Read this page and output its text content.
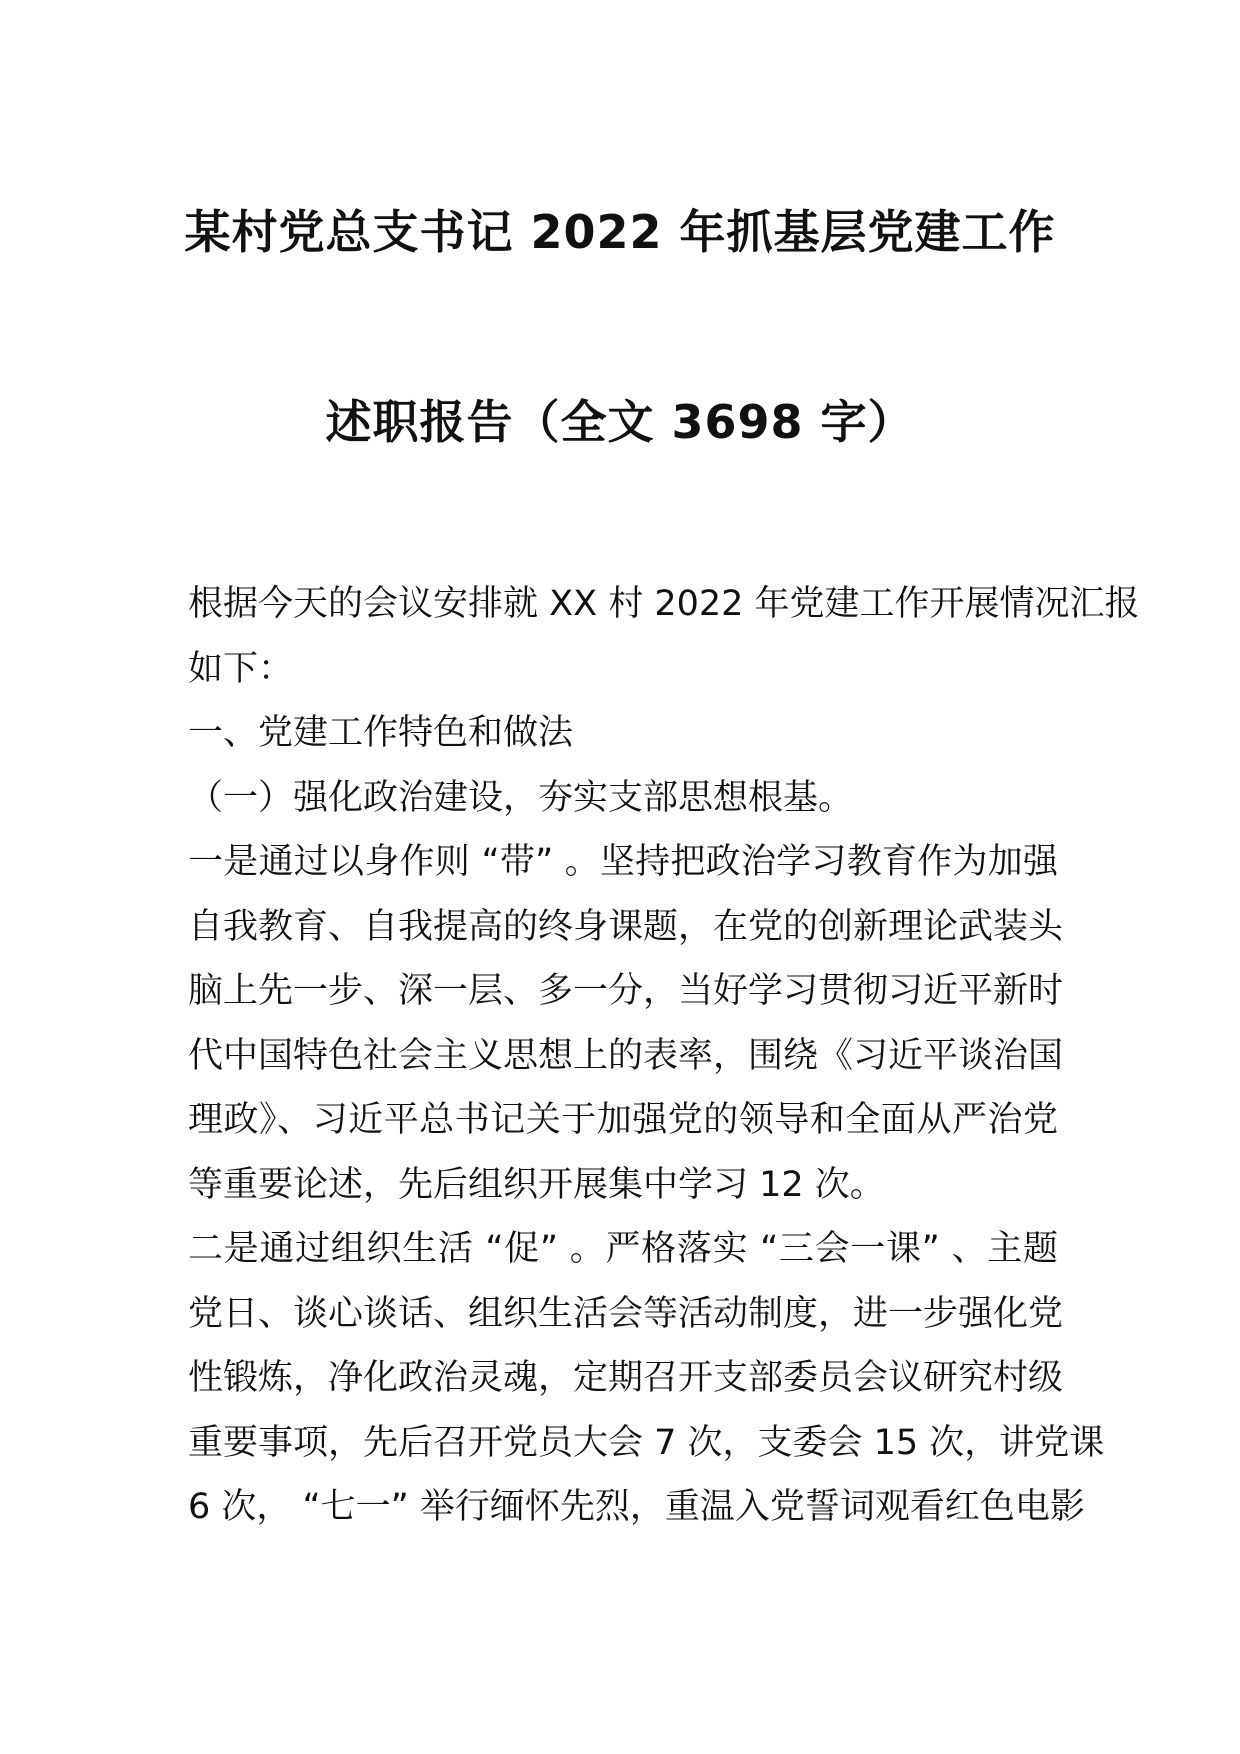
某村党总支书记 2022 年抓基层党建工作
述职报告（全文 3698 字）
根据今天的会议安排就 XX 村 2022 年党建工作开展情况汇报
如下：
一、党建工作特色和做法
（一）强化政治建设，夯实支部思想根基。
一是通过以身作则 “带” 。坚持把政治学习教育作为加强
自我教育、自我提高的终身课题，在党的创新理论武装头
脑上先一步、深一层、多一分，当好学习贯彻习近平新时
代中国特色社会主义思想上的表率，围绕《习近平谈治国
理政》、习近平总书记关于加强党的领导和全面从严治党
等重要论述，先后组织开展集中学习 12 次。
二是通过组织生活 “促” 。严格落实 “三会一课” 、主题
党日、谈心谈话、组织生活会等活动制度，进一步强化党
性锻炼，净化政治灵魂，定期召开支部委员会议研究村级
重要事项，先后召开党员大会 7 次，支委会 15 次，讲党课
6 次， “七一” 举行缅怀先烈，重温入党誓词观看红色电影
